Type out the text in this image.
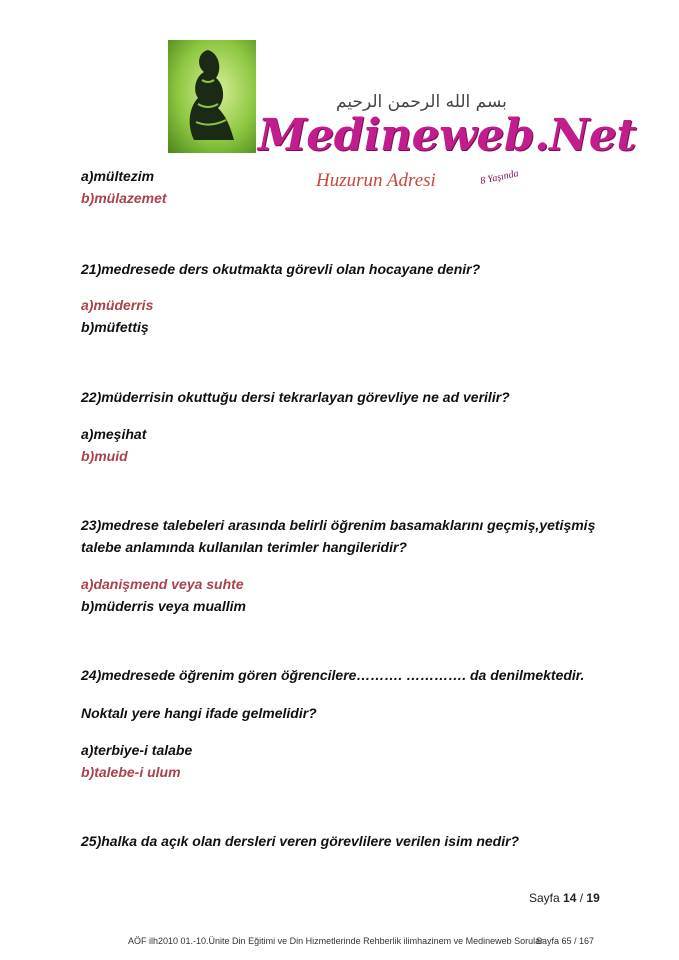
بسم الله الرحمن الرحيم
Medineweb.Net
Huzurun Adresi	8 Yaşında
a)mültezim
b)mülazemet
21)medresede ders okutmakta görevli olan hocayane denir?
a)müderris
b)müfettiş
22)müderrisin okuttuğu dersi tekrarlayan görevliye ne ad verilir?
a)meşihat
b)muid
23)medrese talebeleri arasında belirli öğrenim basamaklarını geçmiş,yetişmiş
talebe anlamında kullanılan terimler hangileridir?
a)danişmend veya suhte
b)müderris veya muallim
24)medresede öğrenim gören öğrencilere………. …………. da denilmektedir.
Noktalı yere hangi ifade gelmelidir?
a)terbiye-i talabe
b)talebe-i ulum
25)halka da açık olan dersleri veren görevlilere verilen isim nedir?
Sayfa 14 / 19
AÖF ilh2010 01.-10.Ünite Din Eğitimi ve Din Hizmetlerinde Rehberlik ilimhazinem ve Medineweb Sorular
Sayfa 65 / 167
